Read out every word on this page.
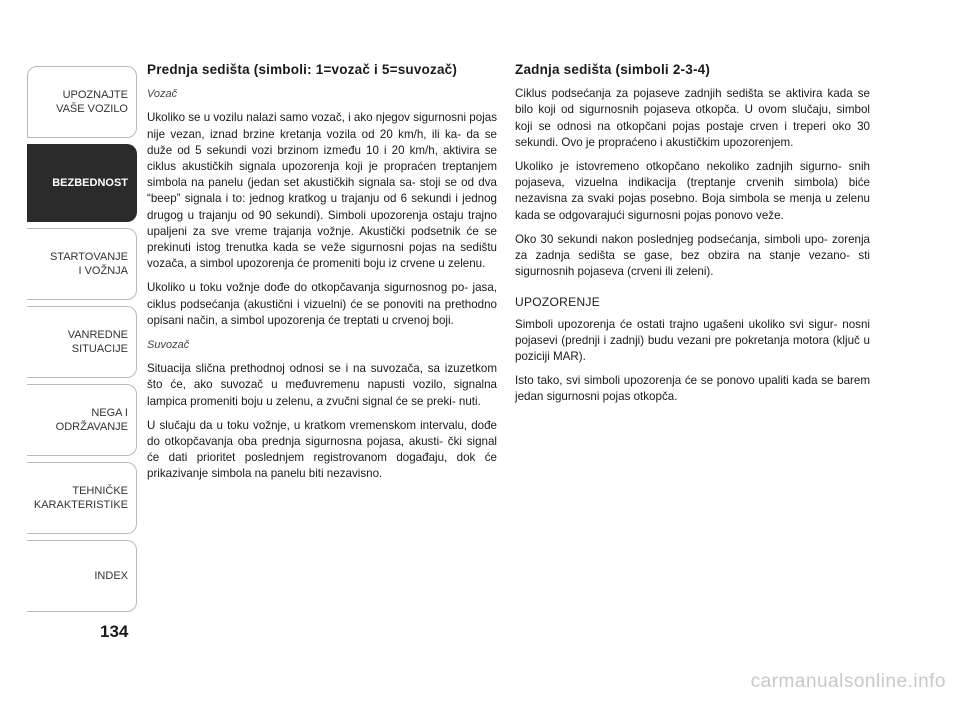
UPOZNAJTE
VAŠE VOZILO
BEZBEDNOST
STARTOVANJE
I VOŽNJA
VANREDNE
SITUACIJE
NEGA I
ODRŽAVANJE
TEHNIČKE
KARAKTERISTIKE
INDEX
134
Prednja sedišta (simboli: 1=vozač i 5=suvozač)
Vozač

Ukoliko se u vozilu nalazi samo vozač, i ako njegov sigurnosni pojas nije vezan, iznad brzine kretanja vozila od 20 km/h, ili ka- da se duže od 5 sekundi vozi brzinom između 10 i 20 km/h, aktivira se ciklus akustičkih signala upozorenja koji je propraćen treptanjem simbola na panelu (jedan set akustičkih signala sa- stoji se od dva “beep” signala i to: jednog kratkog u trajanju od 6 sekundi i jednog drugog u trajanju od 90 sekundi). Simboli upozorenja ostaju trajno upaljeni za sve vreme trajanja vožnje. Akustički podsetnik će se prekinuti istog trenutka kada se veže sigurnosni pojas na sedištu vozača, a simbol upozorenja će promeniti boju iz crvene u zelenu.

Ukoliko u toku vožnje dođe do otkopčavanja sigurnosnog po- jasa, ciklus podsećanja (akustični i vizuelni) će se ponoviti na prethodno opisani način, a simbol upozorenja će treptati u crvenoj boji.

Suvozač

Situacija slična prethodnoj odnosi se i na suvozača, sa izuzetkom što će, ako suvozač u međuvremenu napusti vozilo, signalna lampica promeniti boju u zelenu, a zvučni signal će se preki- nuti.

U slučaju da u toku vožnje, u kratkom vremenskom intervalu, dođe do otkopčavanja oba prednja sigurnosna pojasa, akusti- čki signal će dati prioritet poslednjem registrovanom događaju, dok će prikazivanje simbola na panelu biti nezavisno.

Zadnja sedišta (simboli 2-3-4)

Ciklus podsećanja za pojaseve zadnjih sedišta se aktivira kada se bilo koji od sigurnosnih pojaseva otkopča. U ovom slučaju, simbol koji se odnosi na otkopčani pojas postaje crven i treperi oko 30 sekundi. Ovo je propraćeno i akustičkim upozorenjem.

Ukoliko je istovremeno otkopčano nekoliko zadnjih sigurno- snih pojaseva, vizuelna indikacija (treptanje crvenih simbola) biće nezavisna za svaki pojas posebno. Boja simbola se menja u zelenu kada se odgovarajući sigurnosni pojas ponovo veže.

Oko 30 sekundi nakon poslednjeg podsećanja, simboli upo- zorenja za zadnja sedišta se gase, bez obzira na stanje vezano- sti sigurnosnih pojaseva (crveni ili zeleni).

UPOZORENJE

Simboli upozorenja će ostati trajno ugašeni ukoliko svi sigur- nosni pojasevi (prednji i zadnji) budu vezani pre pokretanja motora (ključ u poziciji MAR).

Isto tako, svi simboli upozorenja će se ponovo upaliti kada se barem jedan sigurnosni pojas otkopča.

carmanualsonline.info
